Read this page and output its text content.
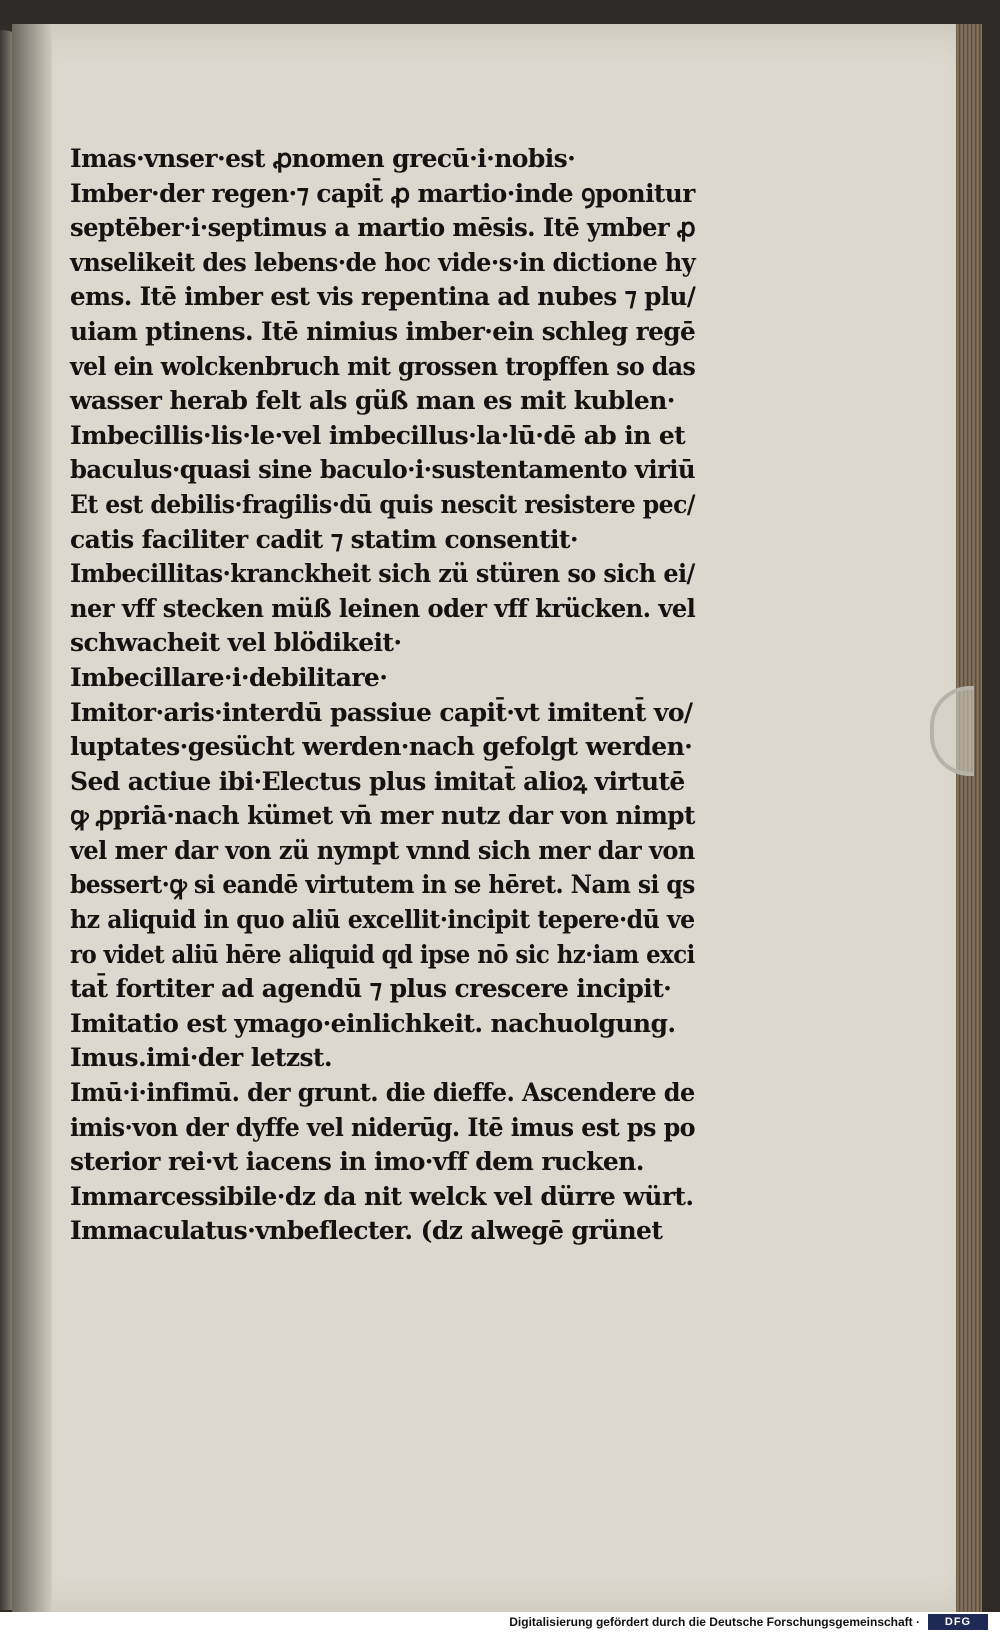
Imas·vnser·est ꝓnomen grecū·i·nobis·
Imber·der regen·⁊ capit̄ ꝓ martio·inde ꝯponitur
septēber·i·septimus a martio mēsis. Itē ymber ꝓ
vnselikeit des lebens·de hoc vide·s·in dictione hy
ems. Itē imber est vis repentina ad nubes ⁊ plu/
uiam ptinens. Itē nimius imber·ein schleg regē
vel ein wolckenbruch mit grossen tropffen so das
wasser herab felt als güß man es mit kublen·
Imbecillis·lis·le·vel imbecillus·la·lū·dē ab in et
baculus·quasi sine baculo·i·sustentamento viriū
Et est debilis·fragilis·dū quis nescit resistere pec/
catis faciliter cadit ⁊ statim consentit·
Imbecillitas·kranckheit sich zü stüren so sich ei/
ner vff stecken müß leinen oder vff krücken. vel
schwacheit vel blödikeit·
Imbecillare·i·debilitare·
Imitor·aris·interdū passiue capit̄·vt imitent̄ vo/
luptates·gesücht werden·nach gefolgt werden·
Sed actiue ibi·Electus plus imitat̄ alioꝝ virtutē
ꝙ ꝓpriā·nach kümet vn̄ mer nutz dar von nimpt
vel mer dar von zü nympt vnnd sich mer dar von
bessert·ꝙ si eandē virtutem in se hēret. Nam si qs
hz aliquid in quo aliū excellit·incipit tepere·dū ve
ro videt aliū hēre aliquid qd ipse nō sic hz·iam exci
tat̄ fortiter ad agendū ⁊ plus crescere incipit·
Imitatio est ymago·einlichkeit. nachuolgung.
Imus.imi·der letzst.
Imū·i·infimū. der grunt. die dieffe. Ascendere de
imis·von der dyffe vel niderūg. Itē imus est ps po
sterior rei·vt iacens in imo·vff dem rucken.
Immarcessibile·dz da nit welck vel dürre würt.
Immaculatus·vnbeflecter. (dz alwegē grünet
Digitalisierung gefördert durch die Deutsche Forschungsgemeinschaft ·	DFG
